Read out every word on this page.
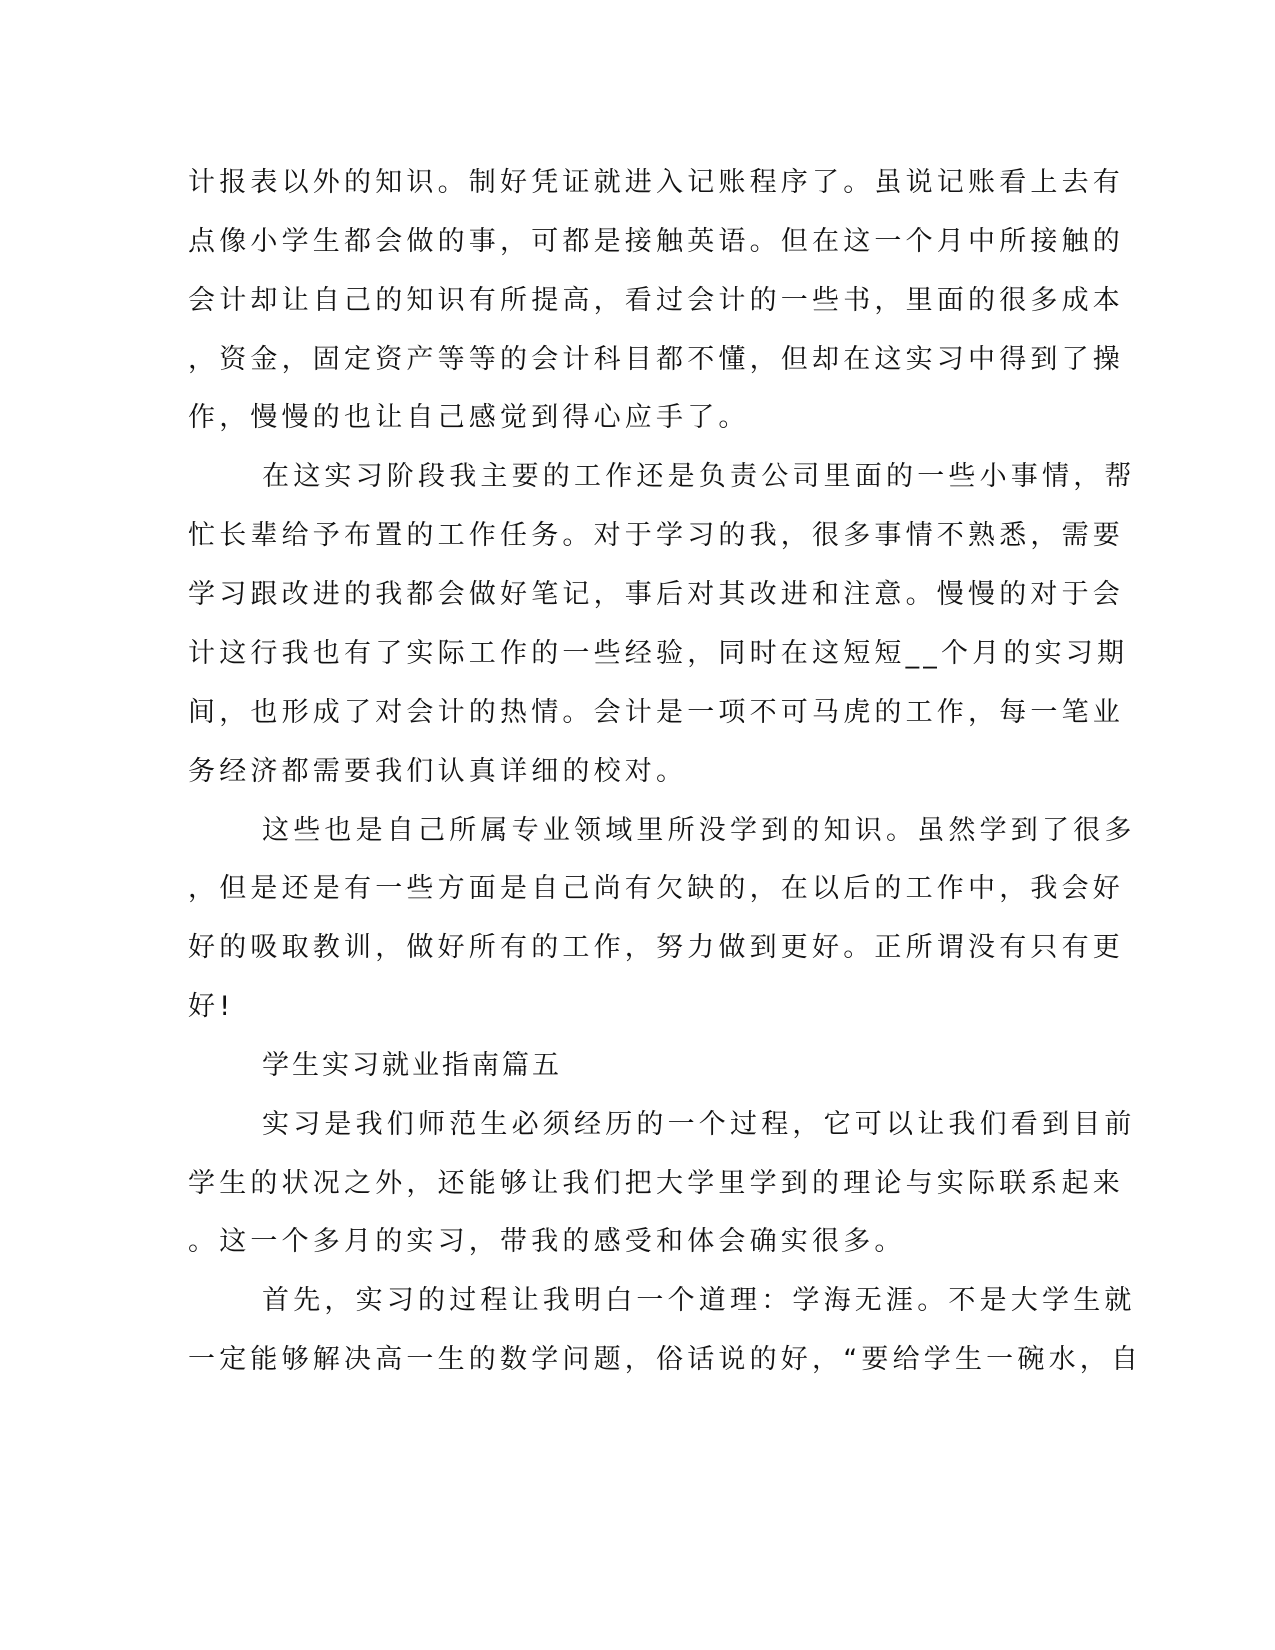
计报表以外的知识。制好凭证就进入记账程序了。虽说记账看上去有
点像小学生都会做的事，可都是接触英语。但在这一个月中所接触的
会计却让自己的知识有所提高，看过会计的一些书，里面的很多成本
，资金，固定资产等等的会计科目都不懂，但却在这实习中得到了操
作，慢慢的也让自己感觉到得心应手了。
在这实习阶段我主要的工作还是负责公司里面的一些小事情，帮
忙长辈给予布置的工作任务。对于学习的我，很多事情不熟悉，需要
学习跟改进的我都会做好笔记，事后对其改进和注意。慢慢的对于会
计这行我也有了实际工作的一些经验，同时在这短短__个月的实习期
间，也形成了对会计的热情。会计是一项不可马虎的工作，每一笔业
务经济都需要我们认真详细的校对。
这些也是自己所属专业领域里所没学到的知识。虽然学到了很多
，但是还是有一些方面是自己尚有欠缺的，在以后的工作中，我会好
好的吸取教训，做好所有的工作，努力做到更好。正所谓没有只有更
好!
学生实习就业指南篇五
实习是我们师范生必须经历的一个过程，它可以让我们看到目前
学生的状况之外，还能够让我们把大学里学到的理论与实际联系起来
。这一个多月的实习，带我的感受和体会确实很多。
首先，实习的过程让我明白一个道理：学海无涯。不是大学生就
一定能够解决高一生的数学问题，俗话说的好，“要给学生一碗水，自
